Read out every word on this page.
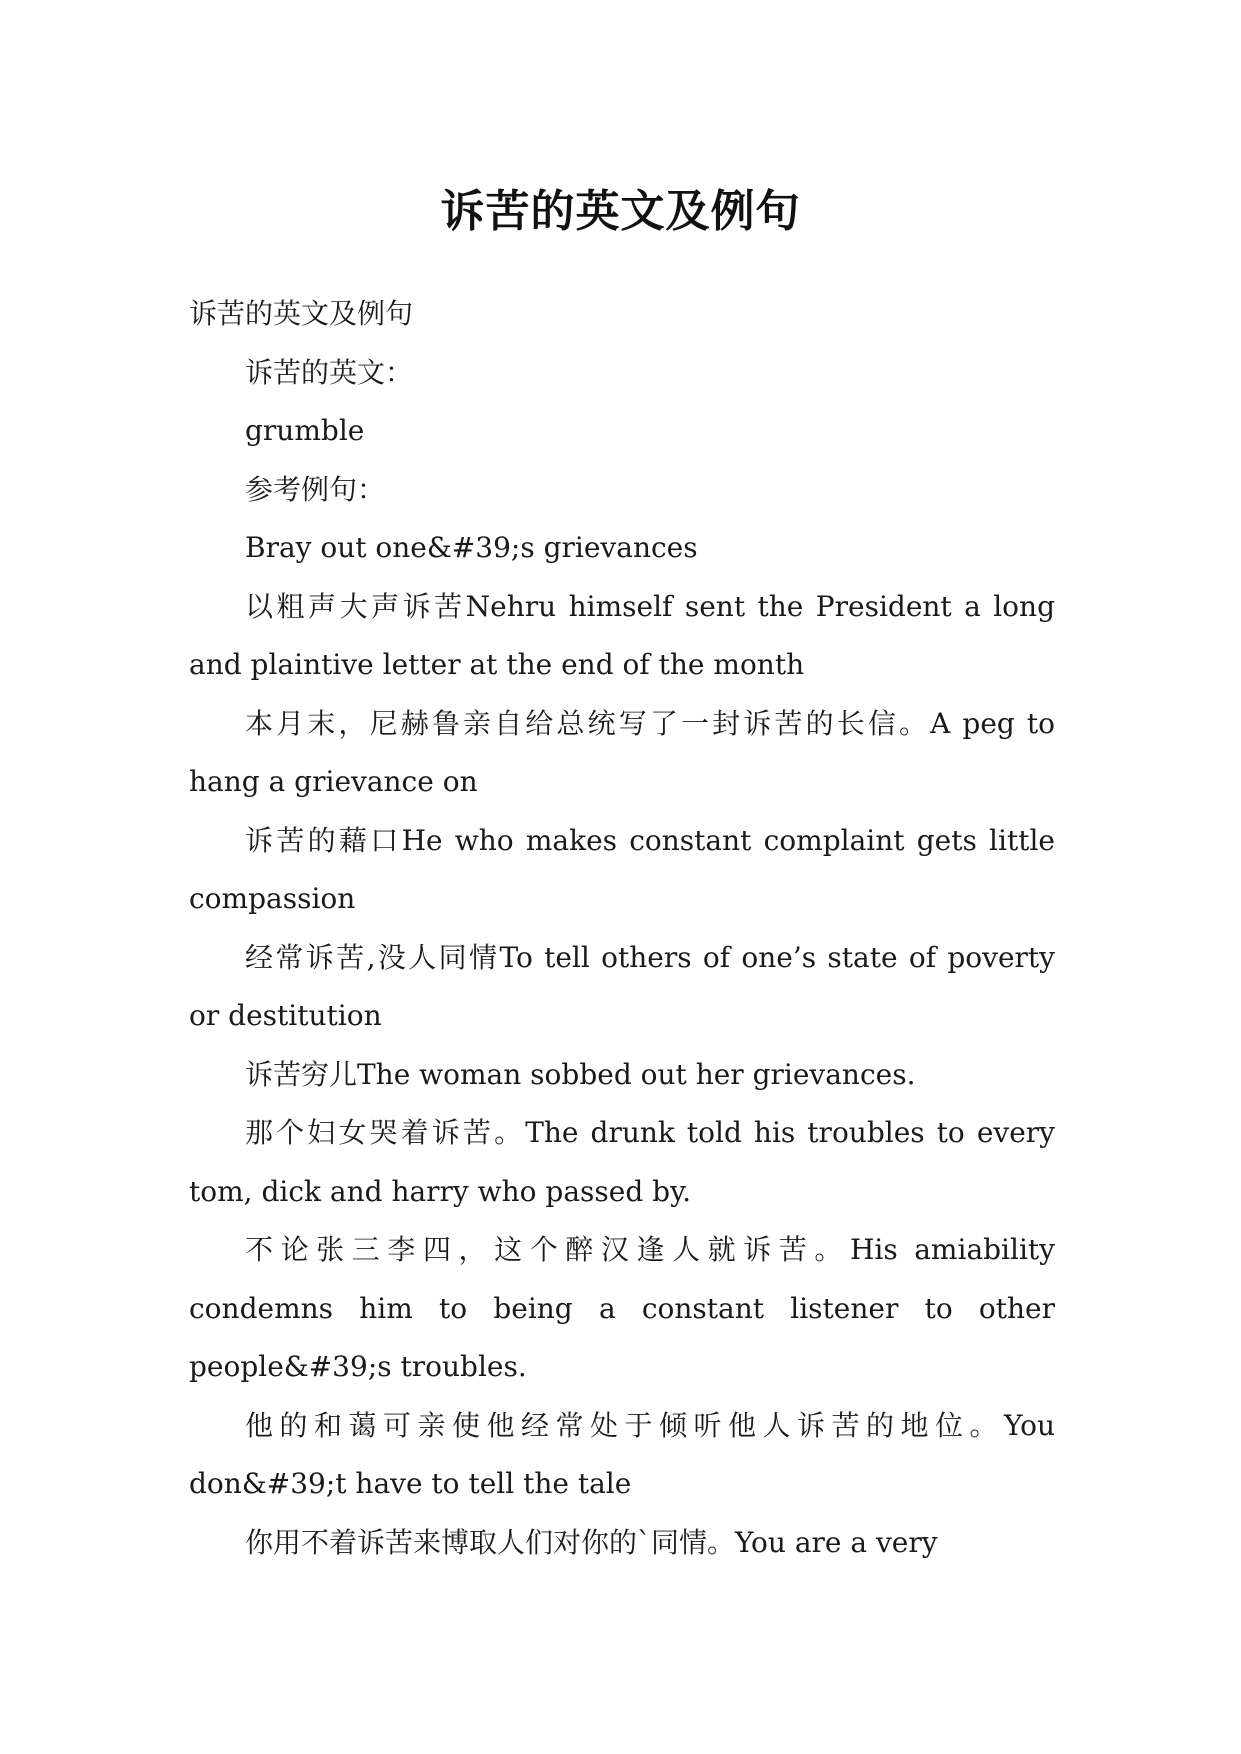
诉苦的英文及例句

诉苦的英文及例句

诉苦的英文：

grumble

参考例句：

Bray out one&#39;s grievances

以粗声大声诉苦Nehru himself sent the President a long and plaintive letter at the end of the month

本月末，尼赫鲁亲自给总统写了一封诉苦的长信。A peg to hang a grievance on

诉苦的藉口He who makes constant complaint gets little compassion

经常诉苦,没人同情To tell others of one’s state of poverty or destitution

诉苦穷儿The woman sobbed out her grievances.

那个妇女哭着诉苦。The drunk told his troubles to every tom, dick and harry who passed by.

不论张三李四，这个醉汉逢人就诉苦。His amiability condemns him to being a constant listener to other people&#39;s troubles.

他的和蔼可亲使他经常处于倾听他人诉苦的地位。You don&#39;t have to tell the tale

你用不着诉苦来博取人们对你的`同情。You are a very
